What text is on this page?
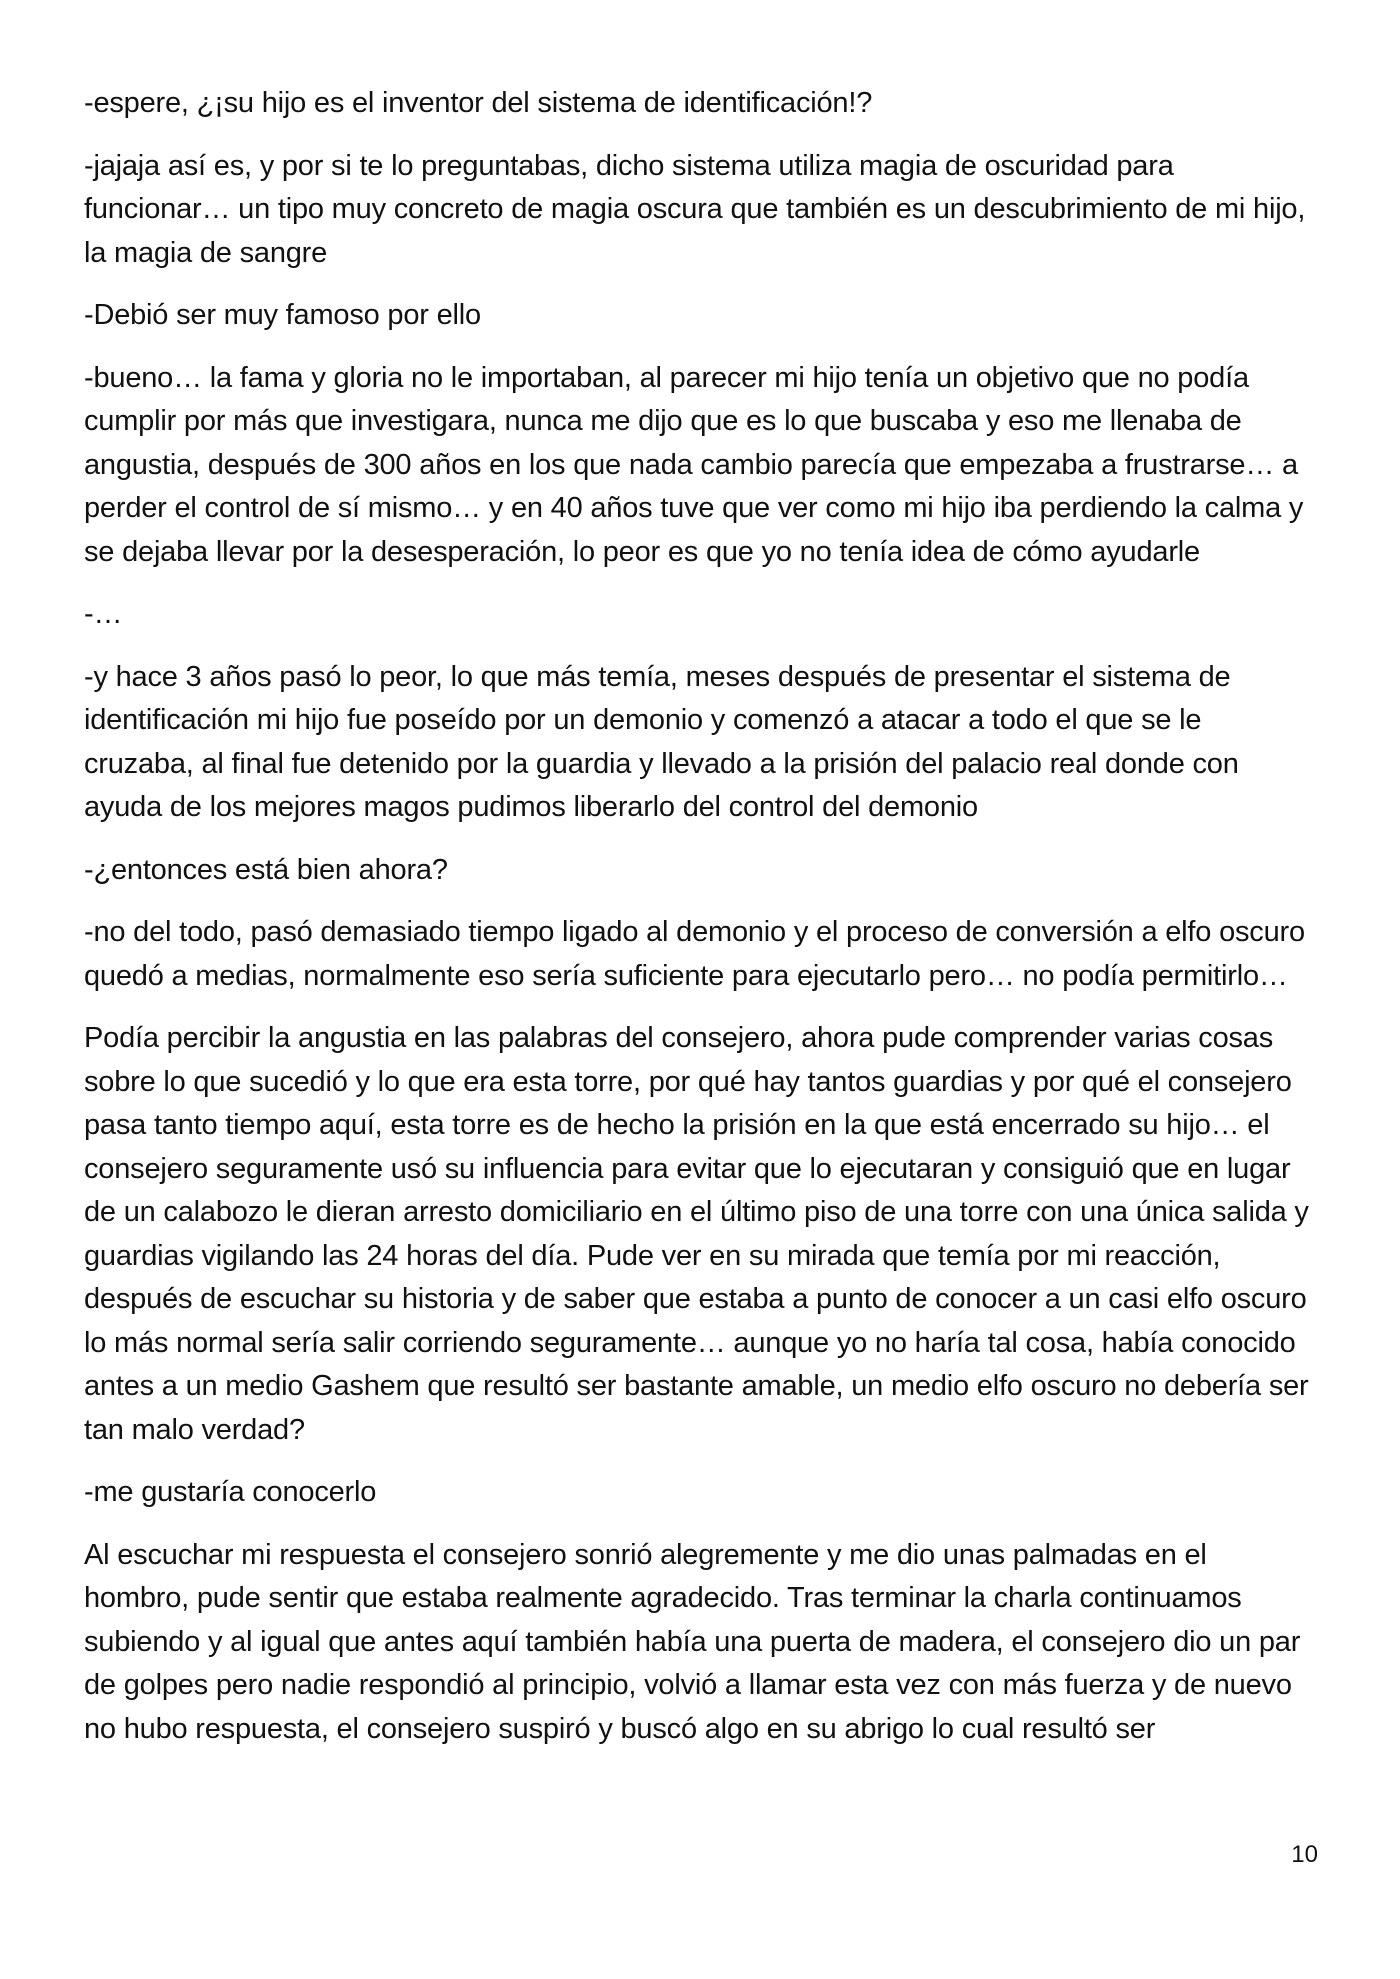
-espere, ¿¡su hijo es el inventor del sistema de identificación!?

-jajaja así es, y por si te lo preguntabas, dicho sistema utiliza magia de oscuridad para funcionar… un tipo muy concreto de magia oscura que también es un descubrimiento de mi hijo, la magia de sangre

-Debió ser muy famoso por ello

-bueno… la fama y gloria no le importaban, al parecer mi hijo tenía un objetivo que no podía cumplir por más que investigara, nunca me dijo que es lo que buscaba y eso me llenaba de angustia, después de 300 años en los que nada cambio parecía que empezaba a frustrarse… a perder el control de sí mismo… y en 40 años tuve que ver como mi hijo iba perdiendo la calma y se dejaba llevar por la desesperación, lo peor es que yo no tenía idea de cómo ayudarle

-…

-y hace 3 años pasó lo peor, lo que más temía, meses después de presentar el sistema de identificación mi hijo fue poseído por un demonio y comenzó a atacar a todo el que se le cruzaba, al final fue detenido por la guardia y llevado a la prisión del palacio real donde con ayuda de los mejores magos pudimos liberarlo del control del demonio

-¿entonces está bien ahora?

-no del todo, pasó demasiado tiempo ligado al demonio y el proceso de conversión a elfo oscuro quedó a medias, normalmente eso sería suficiente para ejecutarlo pero… no podía permitirlo…

Podía percibir la angustia en las palabras del consejero, ahora pude comprender varias cosas sobre lo que sucedió y lo que era esta torre, por qué hay tantos guardias y por qué el consejero pasa tanto tiempo aquí, esta torre es de hecho la prisión en la que está encerrado su hijo… el consejero seguramente usó su influencia para evitar que lo ejecutaran y consiguió que en lugar de un calabozo le dieran arresto domiciliario en el último piso de una torre con una única salida y guardias vigilando las 24 horas del día. Pude ver en su mirada que temía por mi reacción, después de escuchar su historia y de saber que estaba a punto de conocer a un casi elfo oscuro lo más normal sería salir corriendo seguramente… aunque yo no haría tal cosa, había conocido antes a un medio Gashem que resultó ser bastante amable, un medio elfo oscuro no debería ser tan malo verdad?

-me gustaría conocerlo

Al escuchar mi respuesta el consejero sonrió alegremente y me dio unas palmadas en el hombro, pude sentir que estaba realmente agradecido. Tras terminar la charla continuamos subiendo y al igual que antes aquí también había una puerta de madera, el consejero dio un par de golpes pero nadie respondió al principio, volvió a llamar esta vez con más fuerza y de nuevo no hubo respuesta, el consejero suspiró y buscó algo en su abrigo lo cual resultó ser

10
